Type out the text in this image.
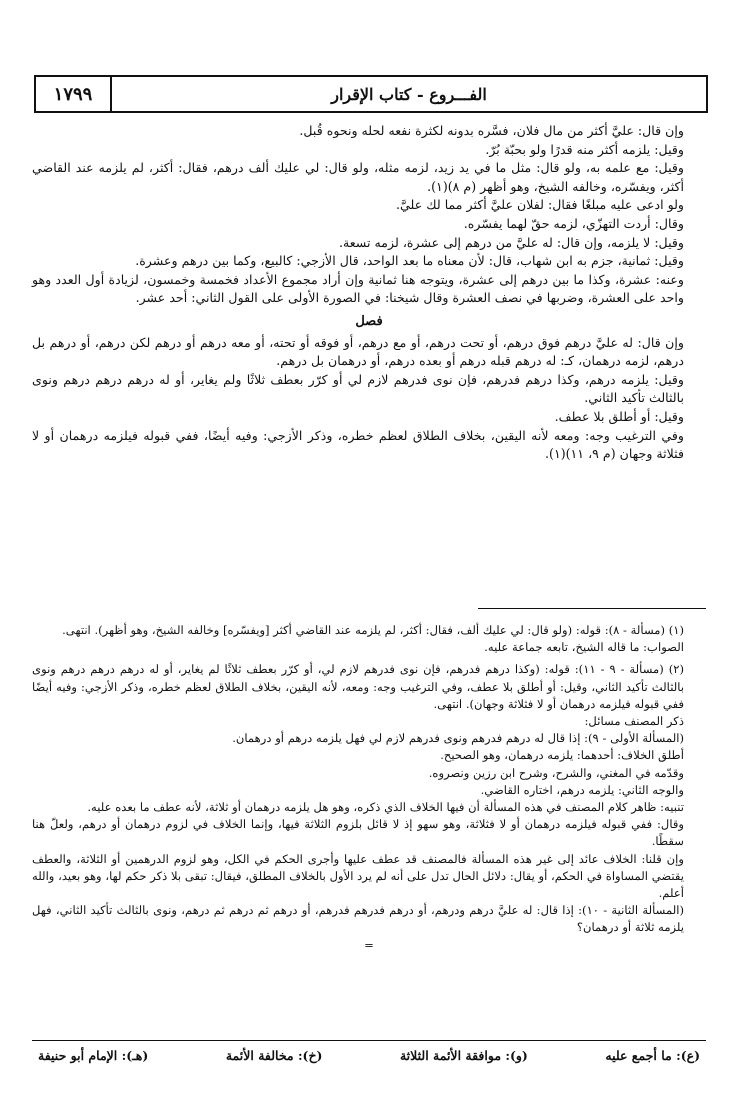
الفـــروع - كتاب الإقرار
١٧٩٩

وإن قال: عليَّ أكثر من مال فلان، فسَّره بدونه لكثرة نفعه لحله ونحوه قُبل.

وقيل: يلزمه أكثر منه قدرًا ولو بحبّة بُرّ.

وقيل: مع علمه به، ولو قال: مثل ما في يد زيد، لزمه مثله، ولو قال: لي عليك ألف درهم، فقال: أكثر، لم يلزمه عند القاضي أكثر، ويفسّره، وخالفه الشيخ، وهو أظهر (م ٨)(١).

ولو ادعى عليه مبلغًا فقال: لفلان عليَّ أكثر مما لك عليَّ.

وقال: أردت التهزّي، لزمه حقّ لهما يفسّره.

وقيل: لا يلزمه، وإن قال: له عليَّ من درهم إلى عشرة، لزمه تسعة.

وقيل: ثمانية، جزم به ابن شهاب، قال: لأن معناه ما بعد الواحد، قال الأزجي: كالبيع، وكما بين درهم وعشرة.

وعنه: عشرة، وكذا ما بين درهم إلى عشرة، ويتوجه هنا ثمانية وإن أراد مجموع الأعداد فخمسة وخمسون، لزيادة أول العدد وهو واحد على العشرة، وضربها في نصف العشرة وقال شيخنا: في الصورة الأولى على القول الثاني: أحد عشر.

فصل

وإن قال: له عليَّ درهم فوق درهم، أو تحت درهم، أو مع درهم، أو فوقه أو تحته، أو معه درهم أو درهم لكن درهم، أو درهم بل درهم، لزمه درهمان، كـ: له درهم قبله درهم أو بعده درهم، أو درهمان بل درهم.

وقيل: يلزمه درهم، وكذا درهم فدرهم، فإن نوى فدرهم لازم لي أو كرّر بعطف ثلاثًا ولم يغاير، أو له درهم درهم درهم ونوى بالثالث تأكيد الثاني.

وقيل: أو أطلق بلا عطف.

وفي الترغيب وجه: ومعه لأنه اليقين، بخلاف الطلاق لعظم خطره، وذكر الأزجي: وفيه أيضًا، ففي قبوله فيلزمه درهمان أو لا فثلاثة وجهان (م ٩، ١١)(١).

(١) (مسألة - ٨): قوله: (ولو قال: لي عليك ألف، فقال: أكثر، لم يلزمه عند القاضي أكثر [ويفسّره] وخالفه الشيخ، وهو أظهر). انتهى.

الصواب: ما قاله الشيخ، تابعه جماعة عليه.

(٢) (مسألة - ٩ - ١١): قوله: (وكذا درهم فدرهم، فإن نوى فدرهم لازم لي، أو كرّر بعطف ثلاثًا لم يغاير، أو له درهم درهم درهم ونوى بالثالث تأكيد الثاني، وقيل: أو أطلق بلا عطف، وفي الترغيب وجه: ومعه، لأنه اليقين، بخلاف الطلاق لعظم خطره، وذكر الأزجي: وفيه أيضًا ففي قبوله فيلزمه درهمان أو لا فثلاثة وجهان). انتهى.

ذكر المصنف مسائل:

(المسألة الأولى - ٩): إذا قال له درهم فدرهم ونوى فدرهم لازم لي فهل يلزمه درهم أو درهمان.

أطلق الخلاف: أحدهما: يلزمه درهمان، وهو الصحيح.

وقدّمه في المغني، والشرح، وشرح ابن رزين ونصروه.

والوجه الثاني: يلزمه درهم، اختاره القاضي.

تنبيه: ظاهر كلام المصنف في هذه المسألة أن فيها الخلاف الذي ذكره، وهو هل يلزمه درهمان أو ثلاثة، لأنه عطف ما بعده عليه.

وقال: ففي قبوله فيلزمه درهمان أو لا فثلاثة، وهو سهو إذ لا قائل بلزوم الثلاثة فيها، وإنما الخلاف في لزوم درهمان أو درهم، ولعلّ هنا سقطًا.

وإن قلنا: الخلاف عائد إلى غير هذه المسألة فالمصنف قد عطف عليها وأجرى الحكم في الكل، وهو لزوم الدرهمين أو الثلاثة، والعطف يقتضي المساواة في الحكم، أو يقال: دلائل الحال تدل على أنه لم يرد الأول بالخلاف المطلق، فيقال: تبقى بلا ذكر حكم لها، وهو بعيد، والله أعلم.

(المسألة الثانية - ١٠): إذا قال: له عليَّ درهم ودرهم، أو درهم فدرهم فدرهم، أو درهم ثم درهم ثم درهم، ونوى بالثالث تأكيد الثاني، فهل يلزمه ثلاثة أو درهمان؟

=

(ع): ما أجمع عليه
(و): موافقة الأئمة الثلاثة
(خ): مخالفة الأئمة
(هـ): الإمام أبو حنيفة
